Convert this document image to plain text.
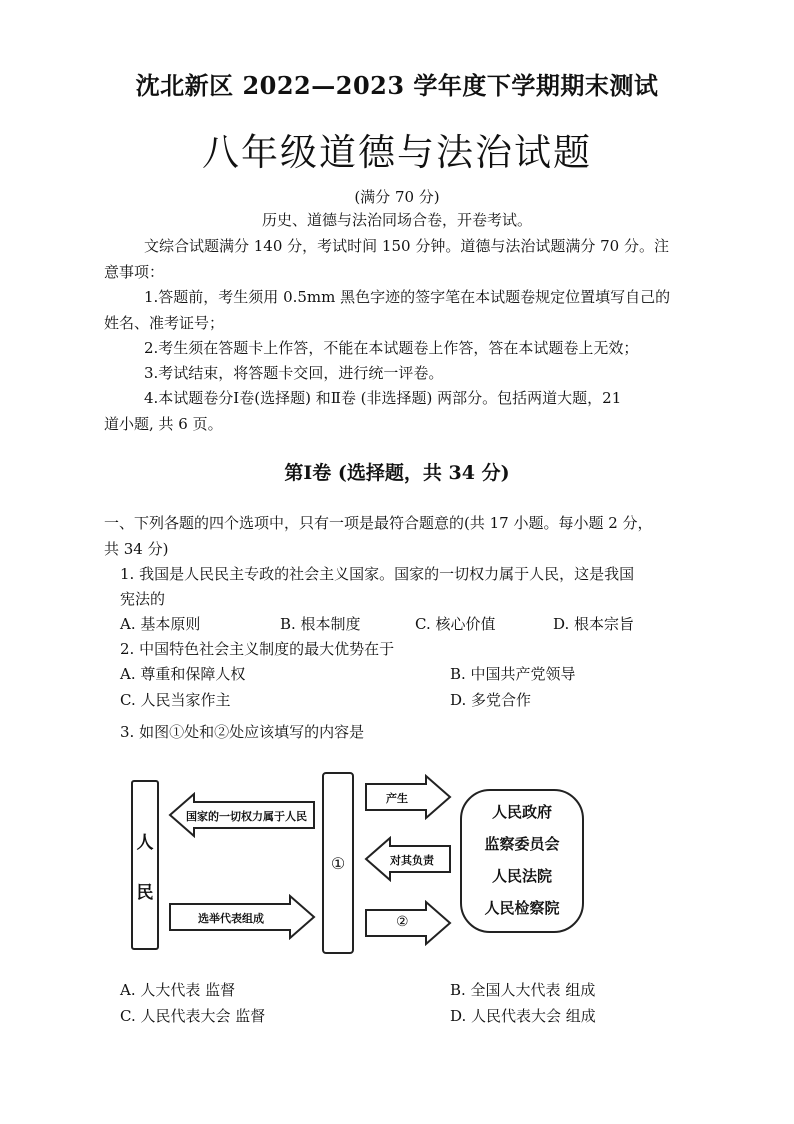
沈北新区 2022—2023 学年度下学期期末测试
八年级道德与法治试题
(满分 70 分)
历史、道德与法治同场合卷，开卷考试。
文综合试题满分 140 分，考试时间 150 分钟。道德与法治试题满分 70 分。注
意事项：
1.答题前，考生须用 0.5mm 黑色字迹的签字笔在本试题卷规定位置填写自己的
姓名、准考证号；
2.考生须在答题卡上作答，不能在本试题卷上作答，答在本试题卷上无效；
3.考试结束，将答题卡交回，进行统一评卷。
4.本试题卷分Ⅰ卷(选择题) 和Ⅱ卷 (非选择题) 两部分。包括两道大题，21
道小题, 共 6 页。
第Ⅰ卷 (选择题，共 34 分)
一、下列各题的四个选项中，只有一项是最符合题意的(共 17 小题。每小题 2 分，
共 34 分)
1. 我国是人民民主专政的社会主义国家。国家的一切权力属于人民，这是我国
宪法的
A. 基本原则	B. 根本制度	C. 核心价值	D. 根本宗旨
2. 中国特色社会主义制度的最大优势在于
A. 尊重和保障人权	B. 中国共产党领导
C. 人民当家作主	D. 多党合作
3. 如图①处和②处应该填写的内容是
人
民
①
人民政府
监察委员会
人民法院
人民检察院
国家的一切权力属于人民
选举代表组成
产生
对其负责
②
A. 人大代表 监督	B. 全国人大代表 组成
C. 人民代表大会 监督	D. 人民代表大会 组成
